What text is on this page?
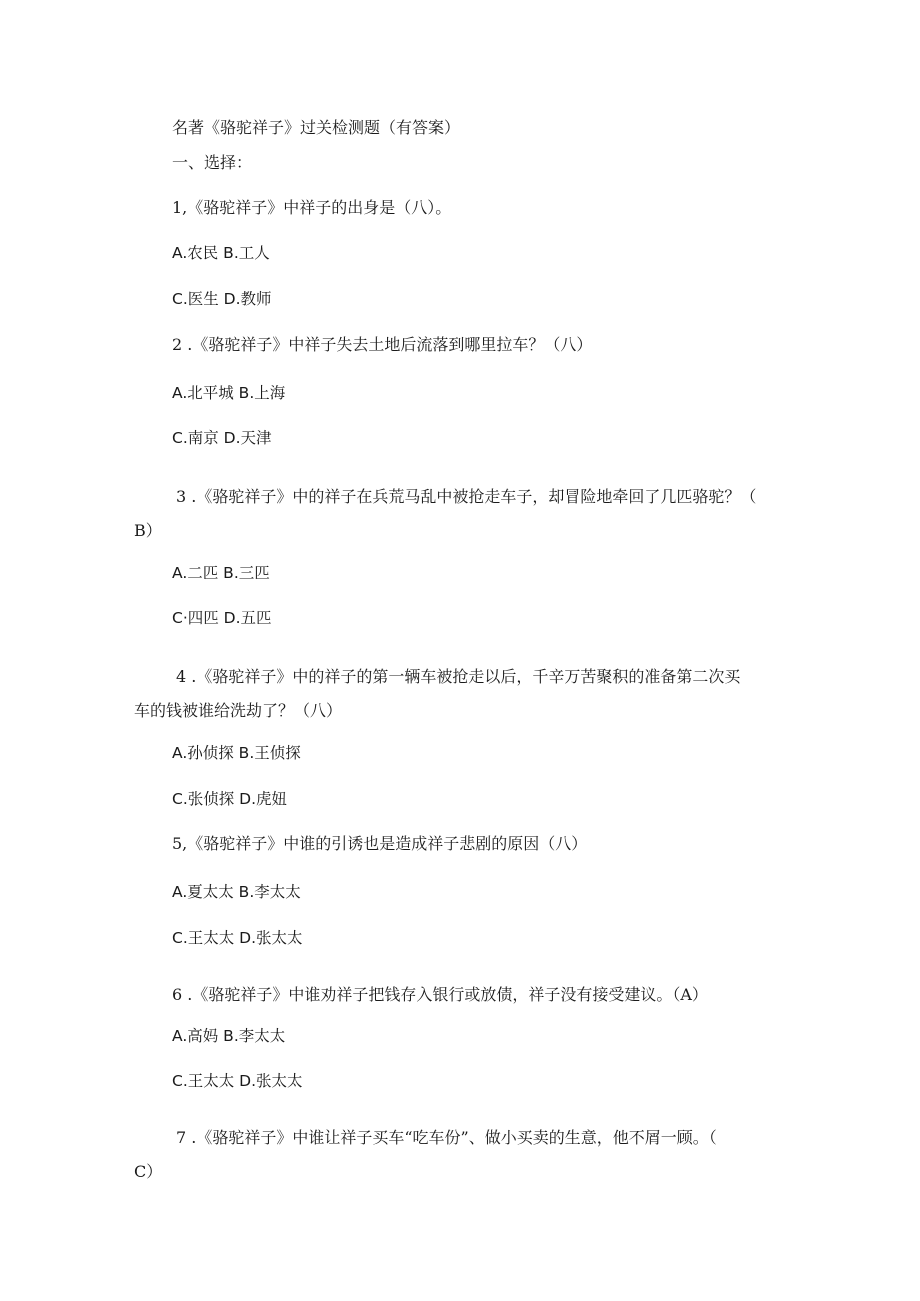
名著《骆驼祥子》过关检测题（有答案）
一、选择：
1,《骆驼祥子》中祥子的出身是（八）。
A.农民 B.工人
C.医生 D.教师
2 .《骆驼祥子》中祥子失去土地后流落到哪里拉车？（八）
A.北平城 B.上海
C.南京 D.天津
3 .《骆驼祥子》中的祥子在兵荒马乱中被抢走车子，却冒险地牵回了几匹骆驼？（
B）
A.二匹 B.三匹
C·四匹 D.五匹
4 .《骆驼祥子》中的祥子的第一辆车被抢走以后，千辛万苦聚积的准备第二次买
车的钱被谁给洗劫了？（八）
A.孙侦探 B.王侦探
C.张侦探 D.虎妞
5,《骆驼祥子》中谁的引诱也是造成祥子悲剧的原因（八）
A.夏太太 B.李太太
C.王太太 D.张太太
6 .《骆驼祥子》中谁劝祥子把钱存入银行或放债，祥子没有接受建议。（A）
A.高妈 B.李太太
C.王太太 D.张太太
7 .《骆驼祥子》中谁让祥子买车“吃车份”、做小买卖的生意，他不屑一顾。（
C）
